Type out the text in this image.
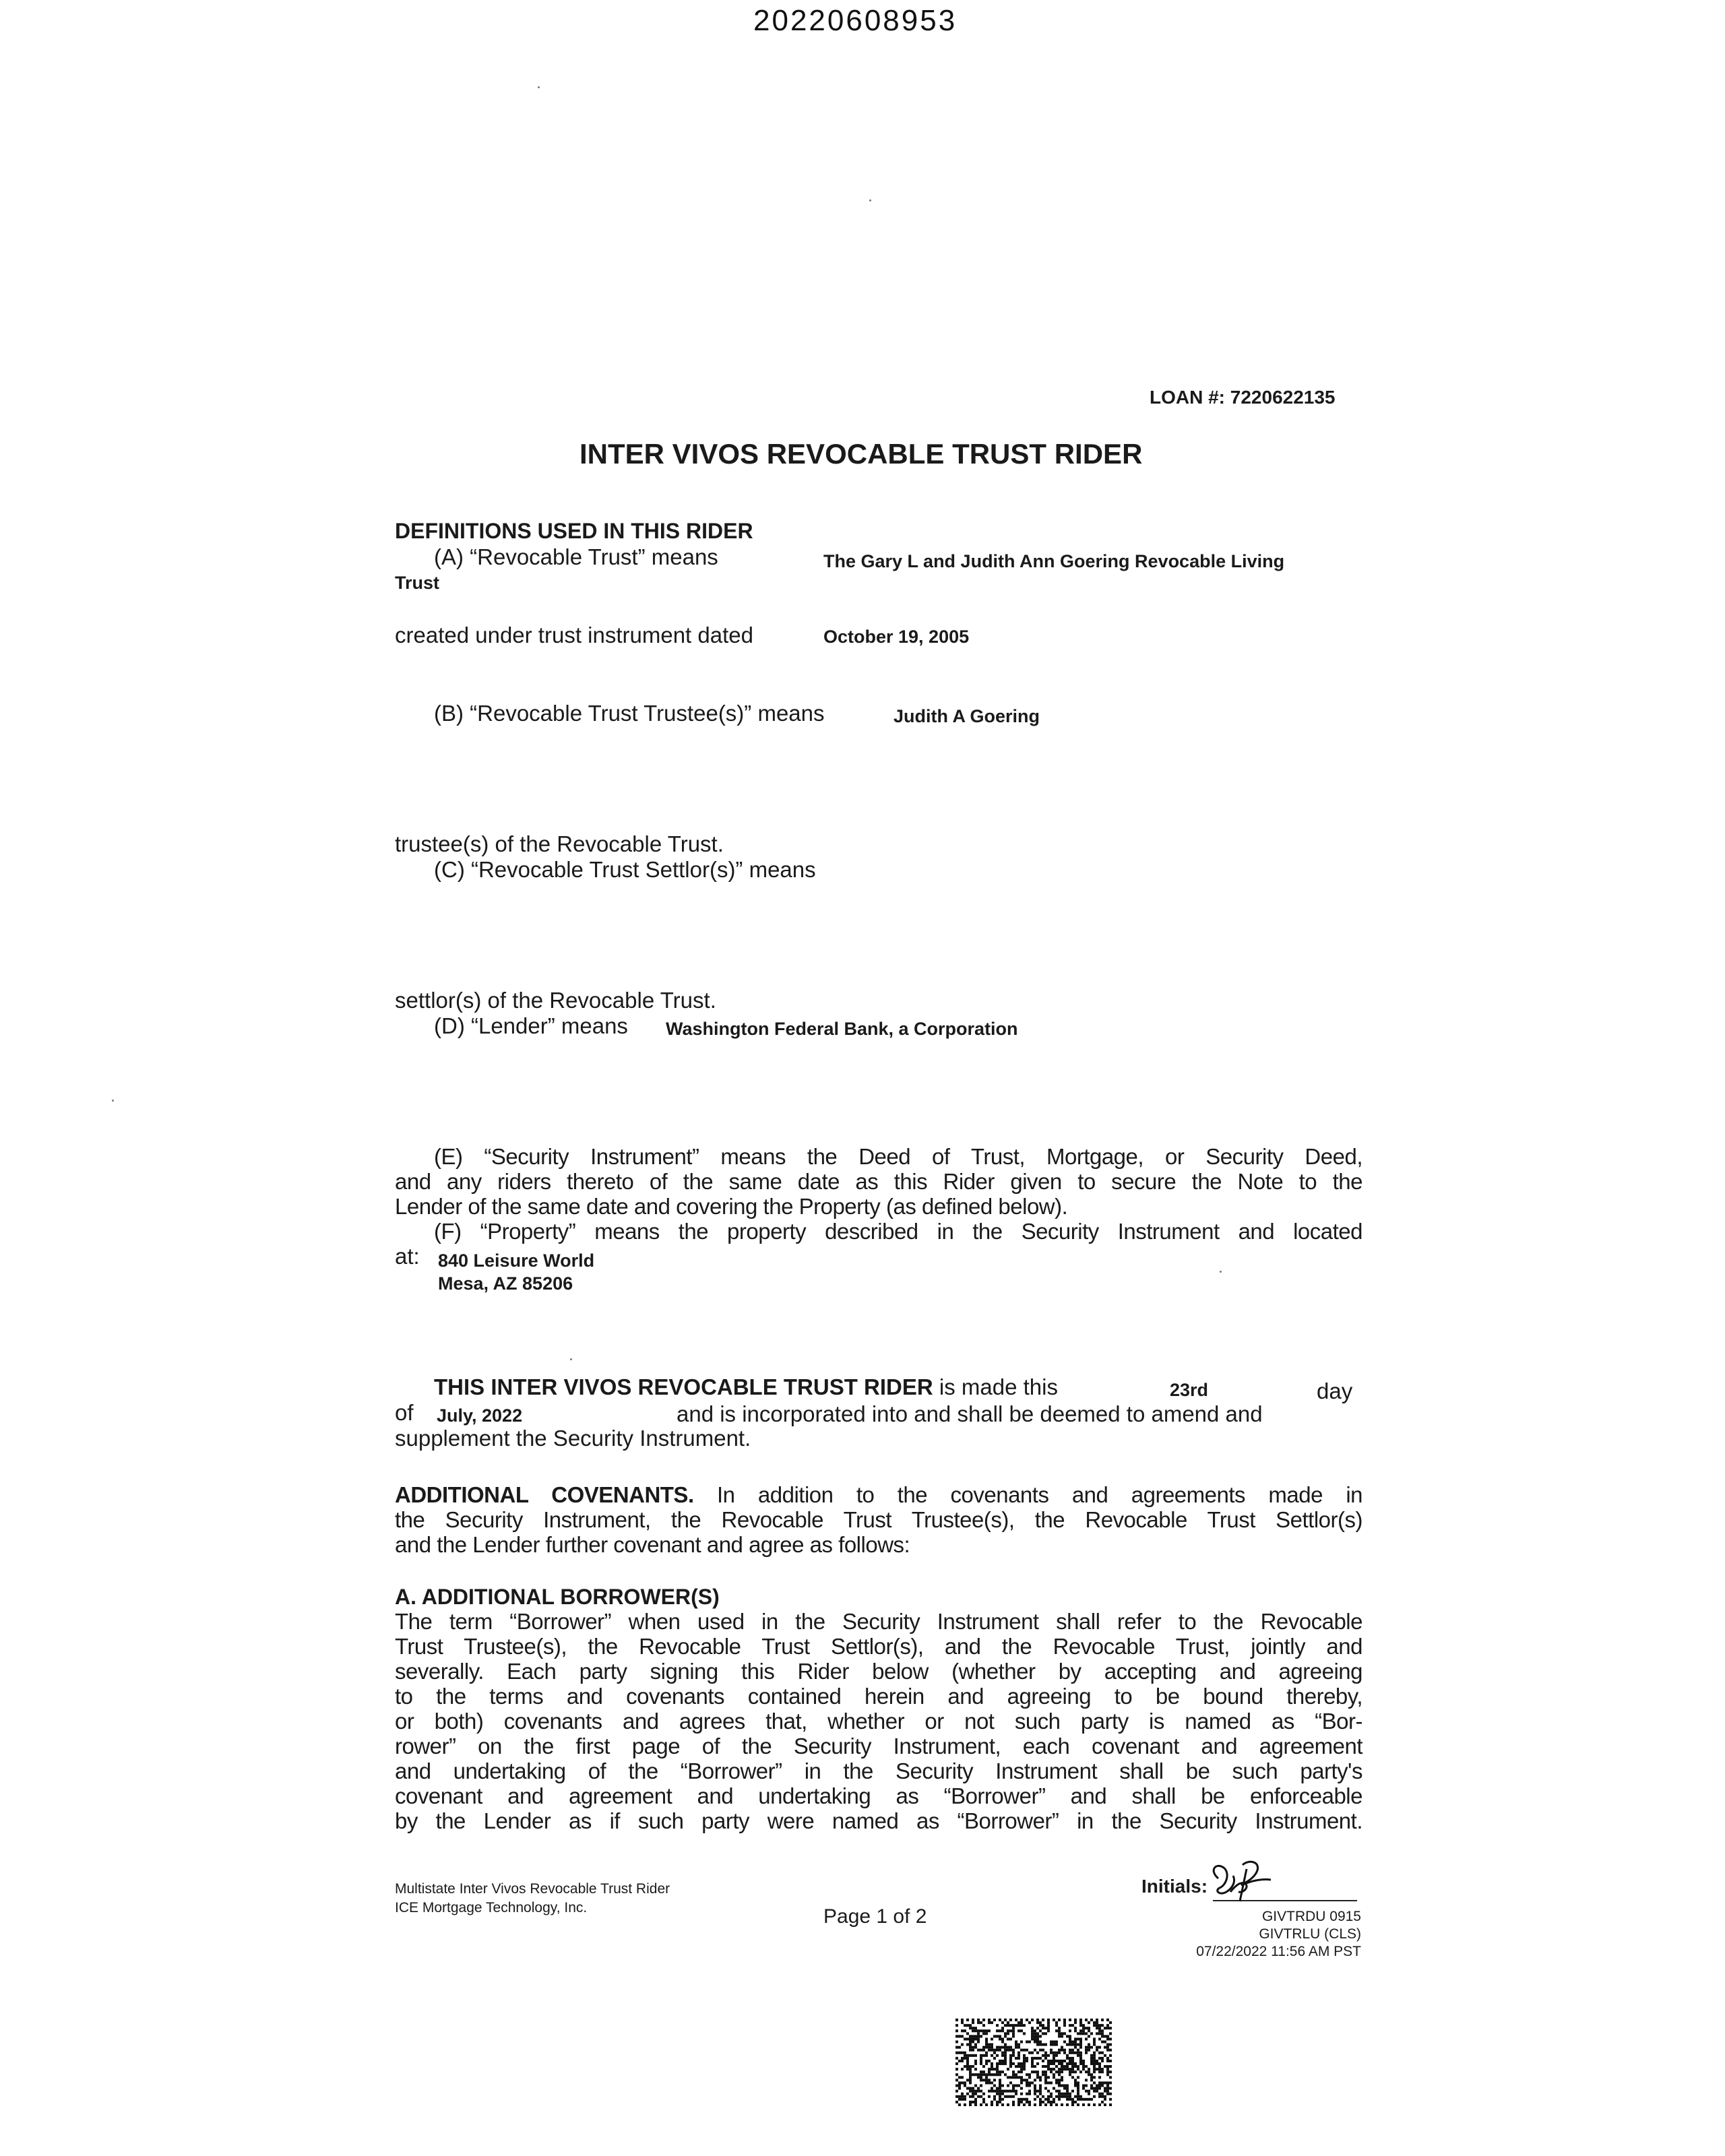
20220608953
LOAN #: 7220622135
INTER VIVOS REVOCABLE TRUST RIDER
DEFINITIONS USED IN THIS RIDER
(A) “Revocable Trust” means	The Gary L and Judith Ann Goering Revocable Living
Trust
created under trust instrument dated	October 19, 2005
(B) “Revocable Trust Trustee(s)” means	Judith A Goering
trustee(s) of the Revocable Trust.
(C) “Revocable Trust Settlor(s)” means
settlor(s) of the Revocable Trust.
(D) “Lender” means Washington Federal Bank, a Corporation
(E) “Security Instrument” means the Deed of Trust, Mortgage, or Security Deed,
and any riders thereto of the same date as this Rider given to secure the Note to the
Lender of the same date and covering the Property (as defined below).
(F) “Property” means the property described in the Security Instrument and located
at: 840 Leisure World
Mesa, AZ 85206
THIS INTER VIVOS REVOCABLE TRUST RIDER is made this	23rd	day
of July, 2022	and is incorporated into and shall be deemed to amend and
supplement the Security Instrument.
ADDITIONAL COVENANTS. In addition to the covenants and agreements made in
the Security Instrument, the Revocable Trust Trustee(s), the Revocable Trust Settlor(s)
and the Lender further covenant and agree as follows:
A. ADDITIONAL BORROWER(S)
The term “Borrower” when used in the Security Instrument shall refer to the Revocable
Trust Trustee(s), the Revocable Trust Settlor(s), and the Revocable Trust, jointly and
severally. Each party signing this Rider below (whether by accepting and agreeing
to the terms and covenants contained herein and agreeing to be bound thereby,
or both) covenants and agrees that, whether or not such party is named as “Bor-
rower” on the first page of the Security Instrument, each covenant and agreement
and undertaking of the “Borrower” in the Security Instrument shall be such party's
covenant and agreement and undertaking as “Borrower” and shall be enforceable
by the Lender as if such party were named as “Borrower” in the Security Instrument.
Multistate Inter Vivos Revocable Trust Rider
ICE Mortgage Technology, Inc.	Page 1 of 2
Initials:
GIVTRDU 0915
GIVTRLU (CLS)
07/22/2022 11:56 AM PST
